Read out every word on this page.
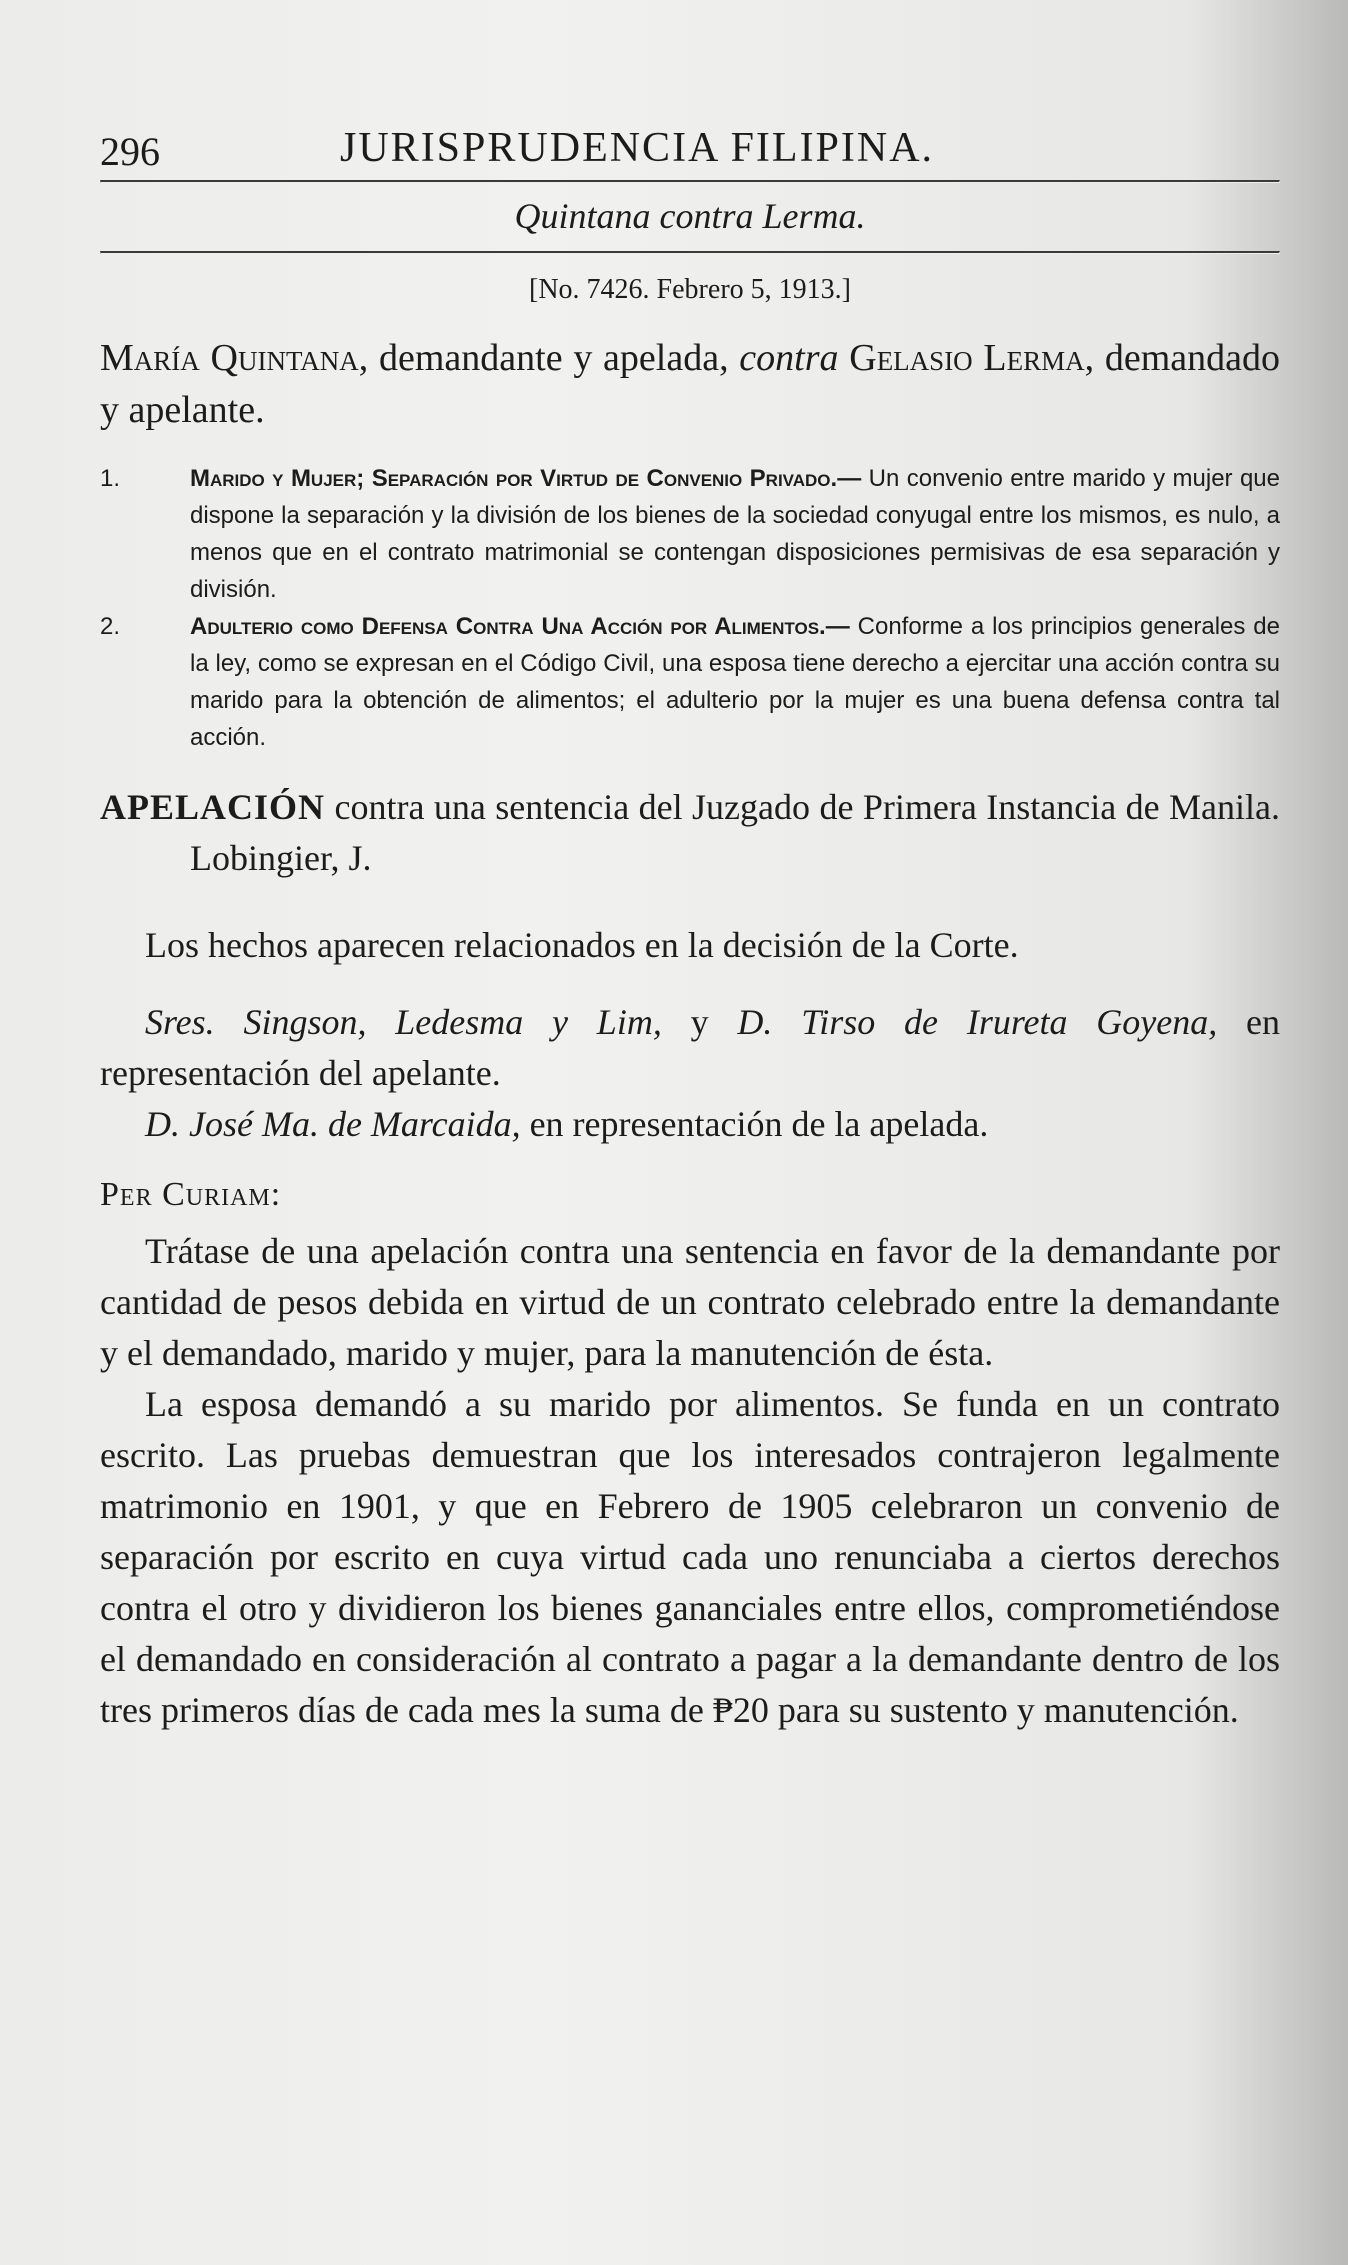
296	JURISPRUDENCIA FILIPINA.
Quintana contra Lerma.
[No. 7426. Febrero 5, 1913.]

María Quintana, demandante y apelada, contra Gelasio Lerma, demandado y apelante.

1.	Marido y Mujer; Separación por Virtud de Convenio Privado.— Un convenio entre marido y mujer que dispone la separación y la división de los bienes de la sociedad conyugal entre los mismos, es nulo, a menos que en el contrato matrimonial se contengan disposiciones permisivas de esa separación y división.

2.	Adulterio como Defensa Contra Una Acción por Alimentos.— Conforme a los principios generales de la ley, como se expresan en el Código Civil, una esposa tiene derecho a ejercitar una acción contra su marido para la obtención de alimentos; el adulterio por la mujer es una buena defensa contra tal acción.

APELACIÓN contra una sentencia del Juzgado de Primera Instancia de Manila. Lobingier, J.

Los hechos aparecen relacionados en la decisión de la Corte.

Sres. Singson, Ledesma y Lim, y D. Tirso de Irureta Goyena, en representación del apelante.

D. José Ma. de Marcaida, en representación de la apelada.

Per Curiam:

Trátase de una apelación contra una sentencia en favor de la demandante por cantidad de pesos debida en virtud de un contrato celebrado entre la demandante y el demandado, marido y mujer, para la manutención de ésta.

La esposa demandó a su marido por alimentos. Se funda en un contrato escrito. Las pruebas demuestran que los interesados contrajeron legalmente matrimonio en 1901, y que en Febrero de 1905 celebraron un convenio de separación por escrito en cuya virtud cada uno renunciaba a ciertos derechos contra el otro y dividieron los bienes gananciales entre ellos, comprometiéndose el demandado en consideración al contrato a pagar a la demandante dentro de los tres primeros días de cada mes la suma de ₱20 para su sustento y manutención.
